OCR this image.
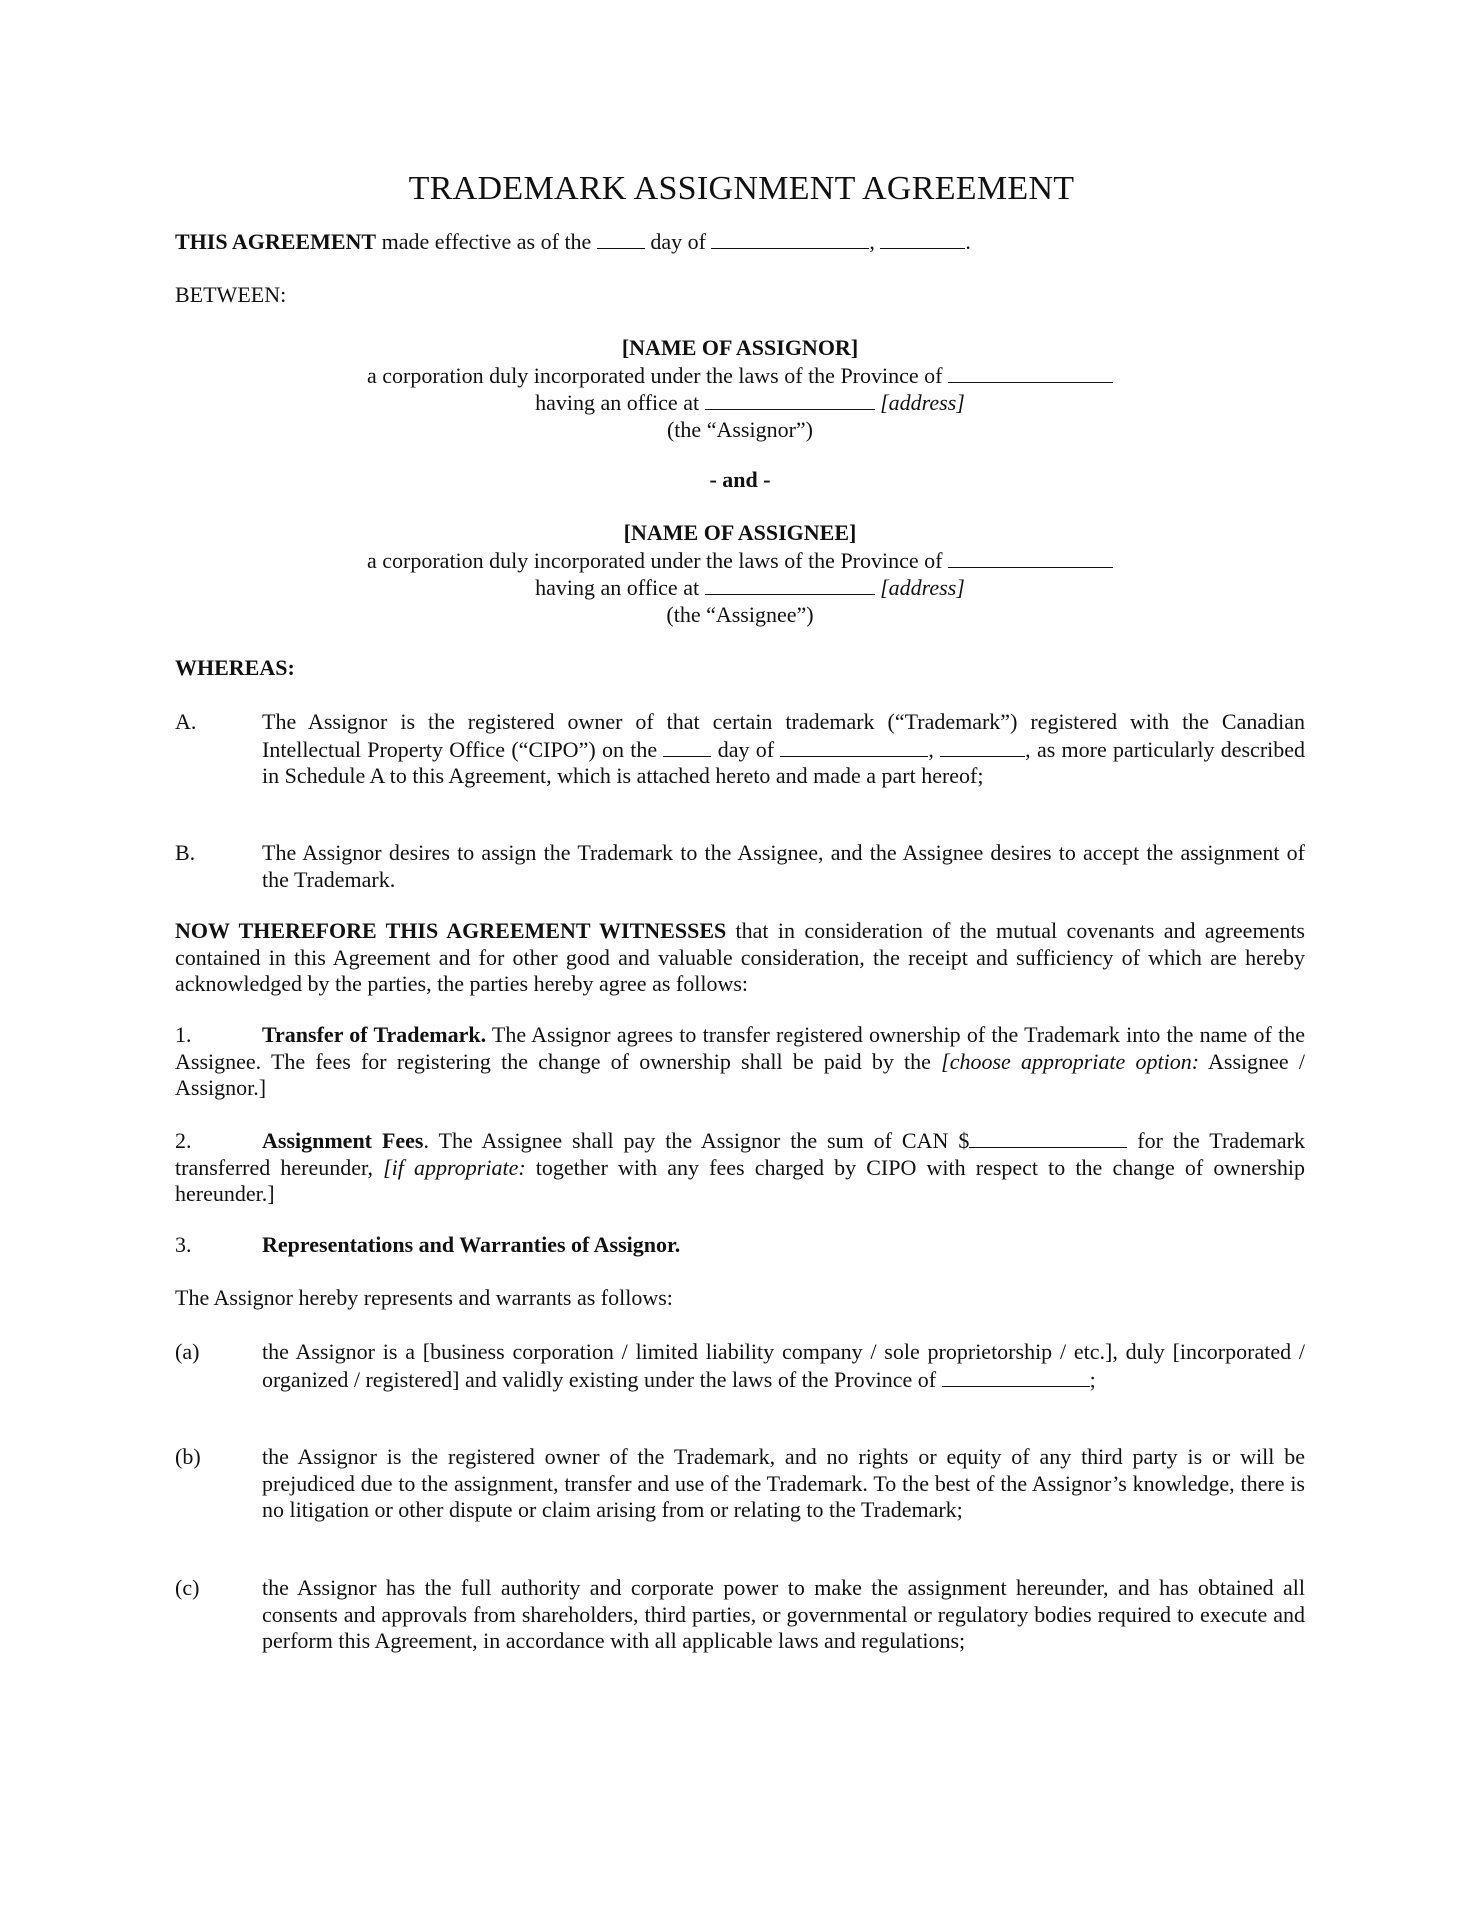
TRADEMARK ASSIGNMENT AGREEMENT
THIS AGREEMENT made effective as of the  day of	,	.
BETWEEN:
[NAME OF ASSIGNOR]
a corporation duly incorporated under the laws of the Province of
having an office at	[address]
(the “Assignor”)
- and -
[NAME OF ASSIGNEE]
a corporation duly incorporated under the laws of the Province of
having an office at	[address]
(the “Assignee”)
WHEREAS:
A.	The Assignor is the registered owner of that certain trademark (“Trademark”) registered with the Canadian Intellectual Property Office (“CIPO”) on the  day of	,	, as more particularly described in Schedule A to this Agreement, which is attached hereto and made a part hereof;
B.	The Assignor desires to assign the Trademark to the Assignee, and the Assignee desires to accept the assignment of the Trademark.
NOW THEREFORE THIS AGREEMENT WITNESSES that in consideration of the mutual covenants and agreements contained in this Agreement and for other good and valuable consideration, the receipt and sufficiency of which are hereby acknowledged by the parties, the parties hereby agree as follows:
1.	Transfer of Trademark. The Assignor agrees to transfer registered ownership of the Trademark into the name of the Assignee. The fees for registering the change of ownership shall be paid by the [choose appropriate option: Assignee / Assignor.]
2.	Assignment Fees. The Assignee shall pay the Assignor the sum of CAN $	for the Trademark transferred hereunder, [if appropriate: together with any fees charged by CIPO with respect to the change of ownership hereunder.]
3.	Representations and Warranties of Assignor.
The Assignor hereby represents and warrants as follows:
(a)	the Assignor is a [business corporation / limited liability company / sole proprietorship / etc.], duly [incorporated / organized / registered] and validly existing under the laws of the Province of	;
(b)	the Assignor is the registered owner of the Trademark, and no rights or equity of any third party is or will be prejudiced due to the assignment, transfer and use of the Trademark. To the best of the Assignor’s knowledge, there is no litigation or other dispute or claim arising from or relating to the Trademark;
(c)	the Assignor has the full authority and corporate power to make the assignment hereunder, and has obtained all consents and approvals from shareholders, third parties, or governmental or regulatory bodies required to execute and perform this Agreement, in accordance with all applicable laws and regulations;
